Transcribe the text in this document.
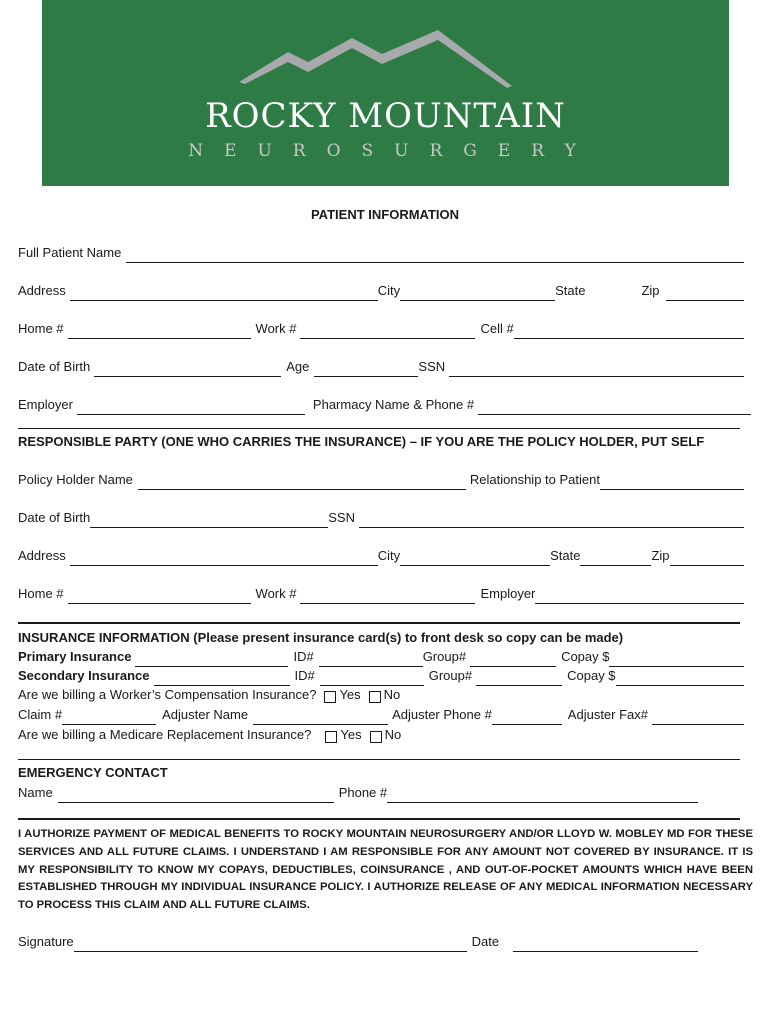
ROCKY MOUNTAIN
NEUROSURGERY
PATIENT INFORMATION
Full Patient Name
Address	City	State	Zip
Home #	Work #	Cell #
Date of Birth	Age	SSN
Employer	Pharmacy Name & Phone #
RESPONSIBLE PARTY (ONE WHO CARRIES THE INSURANCE) – IF YOU ARE THE POLICY HOLDER, PUT SELF
Policy Holder Name	Relationship to Patient
Date of Birth	SSN
Address	City	State	Zip
Home #	Work #	Employer
INSURANCE INFORMATION (Please present insurance card(s) to front desk so copy can be made)
Primary Insurance	ID#	Group#	Copay $
Secondary Insurance	ID#	Group#	Copay $
Are we billing a Worker’s Compensation Insurance? Yes No
Claim #	Adjuster Name	Adjuster Phone #	Adjuster Fax#
Are we billing a Medicare Replacement Insurance? Yes No
EMERGENCY CONTACT
Name	Phone #
I AUTHORIZE PAYMENT OF MEDICAL BENEFITS TO ROCKY MOUNTAIN NEUROSURGERY AND/OR LLOYD W. MOBLEY MD FOR THESE SERVICES AND ALL FUTURE CLAIMS. I UNDERSTAND I AM RESPONSIBLE FOR ANY AMOUNT NOT COVERED BY INSURANCE. IT IS MY RESPONSIBILITY TO KNOW MY COPAYS, DEDUCTIBLES, COINSURANCE , AND OUT-OF-POCKET AMOUNTS WHICH HAVE BEEN ESTABLISHED THROUGH MY INDIVIDUAL INSURANCE POLICY. I AUTHORIZE RELEASE OF ANY MEDICAL INFORMATION NECESSARY TO PROCESS THIS CLAIM AND ALL FUTURE CLAIMS.
Signature	Date
